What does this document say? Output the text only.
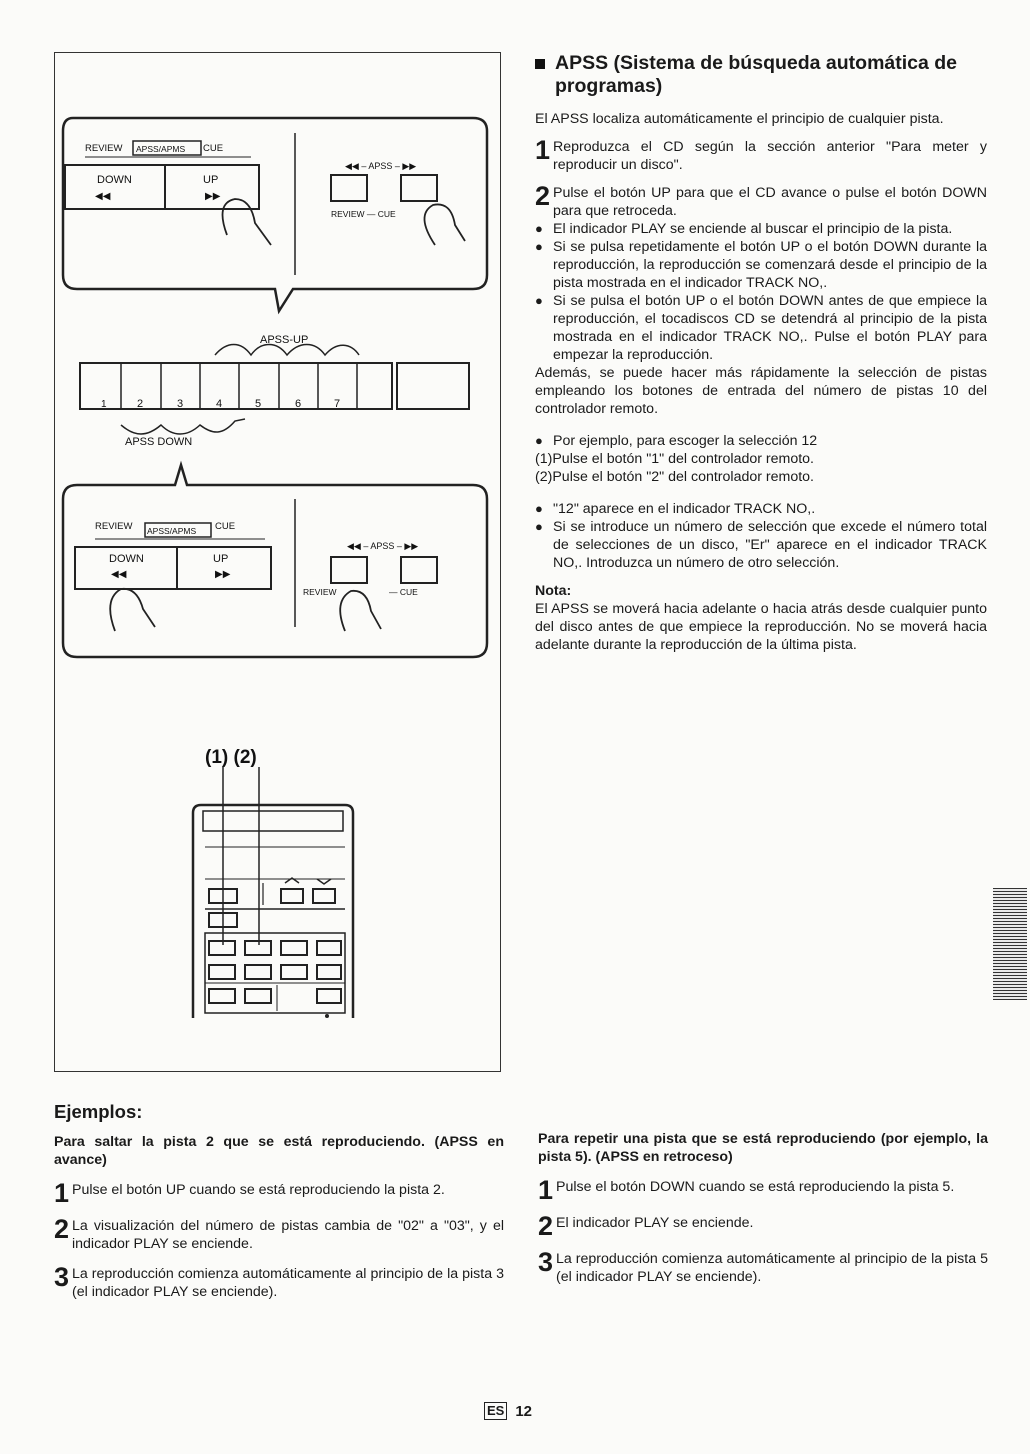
REVIEW APSS/APMS CUE
DOWN
◀◀
UP
▶▶
◀◀ – APSS – ▶▶
REVIEW — CUE
APSS-UP
1	2	3	4	5	6	7
APSS DOWN
REVIEW APSS/APMS CUE
DOWN
◀◀
UP
▶▶
◀◀ – APSS – ▶▶
REVIEW	— CUE
(1) (2)
APSS (Sistema de búsqueda automática de programas)

El APSS localiza automáticamente el principio de cualquier pista.

1 Reproduzca el CD según la sección anterior "Para meter y reproducir un disco".
2 Pulse el botón UP para que el CD avance o pulse el botón DOWN para que retroceda.
● El indicador PLAY se enciende al buscar el principio de la pista.
● Si se pulsa repetidamente el botón UP o el botón DOWN durante la reproducción, la reproducción se comenzará desde el principio de la pista mostrada en el indicador TRACK NO,.
● Si se pulsa el botón UP o el botón DOWN antes de que empiece la reproducción, el tocadiscos CD se detendrá al principio de la pista mostrada en el indicador TRACK NO,. Pulse el botón PLAY para empezar la reproducción.

Además, se puede hacer más rápidamente la selección de pistas empleando los botones de entrada del número de pistas 10 del controlador remoto.

● Por ejemplo, para escoger la selección 12

(1)Pulse el botón "1" del controlador remoto.

(2)Pulse el botón "2" del controlador remoto.

● "12" aparece en el indicador TRACK NO,.
● Si se introduce un número de selección que excede el número total de selecciones de un disco, "Er" aparece en el indicador TRACK NO,. Introduzca un número de otro selección.
Nota:

El APSS se moverá hacia adelante o hacia atrás desde cualquier punto del disco antes de que empiece la reproducción. No se moverá hacia adelante durante la reproducción de la última pista.

Ejemplos:
Para saltar la pista 2 que se está reproduciendo. (APSS en avance)
1 Pulse el botón UP cuando se está reproduciendo la pista 2.
2 La visualización del número de pistas cambia de "02" a "03", y el indicador PLAY se enciende.
3 La reproducción comienza automáticamente al principio de la pista 3 (el indicador PLAY se enciende).
Para repetir una pista que se está reproduciendo (por ejemplo, la pista 5). (APSS en retroceso)
1 Pulse el botón DOWN cuando se está reproduciendo la pista 5.
2 El indicador PLAY se enciende.
3 La reproducción comienza automáticamente al principio de la pista 5 (el indicador PLAY se enciende).
ES 12
